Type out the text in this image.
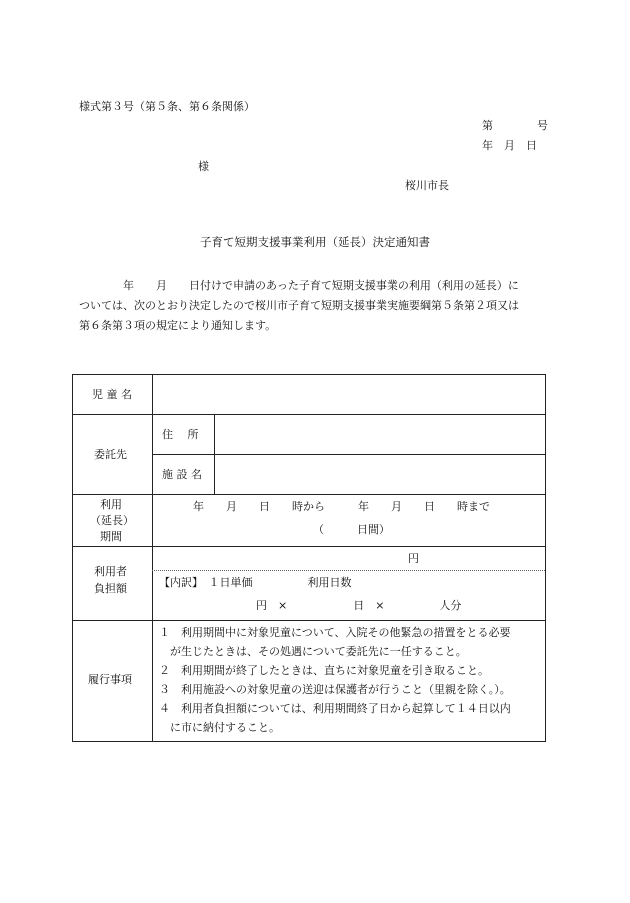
様式第３号（第５条、第６条関係）
第　　　　号
年　月　日
様
桜川市長
子育て短期支援事業利用（延長）決定通知書

　　　　年　　月　　日付けで申請のあった子育て短期支援事業の利用（利用の延長）に

ついては、次のとおり決定したので桜川市子育て短期支援事業実施要綱第５条第２項又は

第６条第３項の規定により通知します。

児 童 名
委託先
住　 所
施 設 名
利用
（延長）
期間
年　　月　　日　　時から　　　年　　月　　日　　時まで
（　　　日間）
利用者
負担額
円
【内訳】　１日単価　　　　　利用日数
円　×　　　　　　日　×　　　　　人分
履行事項
１　利用期間中に対象児童について、入院その他緊急の措置をとる必要
　が生じたときは、その処遇について委託先に一任すること。
２　利用期間が終了したときは、直ちに対象児童を引き取ること。
３　利用施設への対象児童の送迎は保護者が行うこと（里親を除く。）。
４　利用者負担額については、利用期間終了日から起算して１４日以内
　に市に納付すること。
